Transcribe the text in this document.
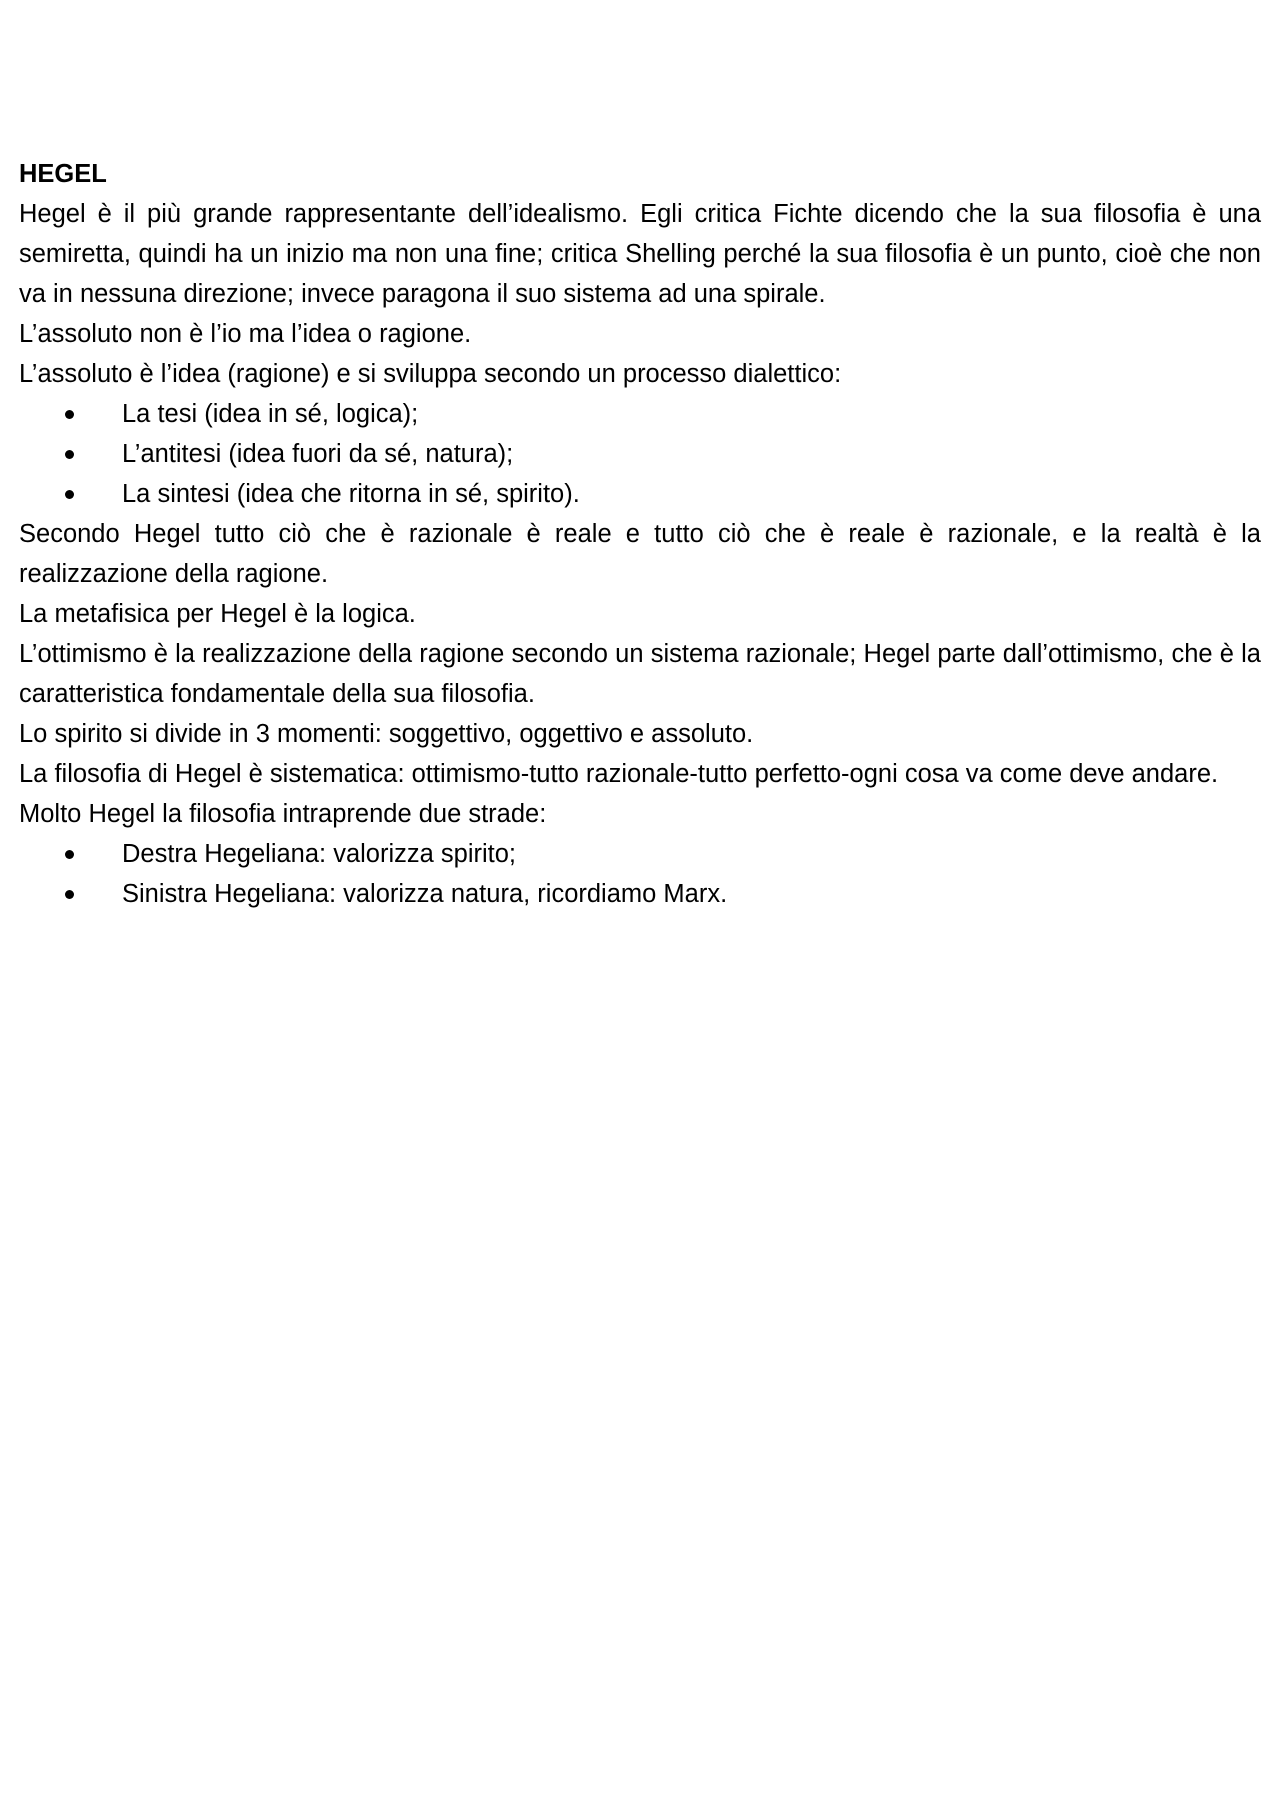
HEGEL

Hegel è il più grande rappresentante dell’idealismo. Egli critica Fichte dicendo che la sua filosofia è una semiretta, quindi ha un inizio ma non una fine; critica Shelling perché la sua filosofia è un punto, cioè che non va in nessuna direzione; invece paragona il suo sistema ad una spirale.

L’assoluto non è l’io ma l’idea o ragione.

L’assoluto è l’idea (ragione) e si sviluppa secondo un processo dialettico:

La tesi (idea in sé, logica);
L’antitesi (idea fuori da sé, natura);
La sintesi (idea che ritorna in sé, spirito).

Secondo Hegel tutto ciò che è razionale è reale e tutto ciò che è reale è razionale, e la realtà è la realizzazione della ragione.

La metafisica per Hegel è la logica.

L’ottimismo è la realizzazione della ragione secondo un sistema razionale; Hegel parte dall’ottimismo, che è la caratteristica fondamentale della sua filosofia.

Lo spirito si divide in 3 momenti: soggettivo, oggettivo e assoluto.

La filosofia di Hegel è sistematica: ottimismo-tutto razionale-tutto perfetto-ogni cosa va come deve andare.

Molto Hegel la filosofia intraprende due strade:

Destra Hegeliana: valorizza spirito;
Sinistra Hegeliana: valorizza natura, ricordiamo Marx.
